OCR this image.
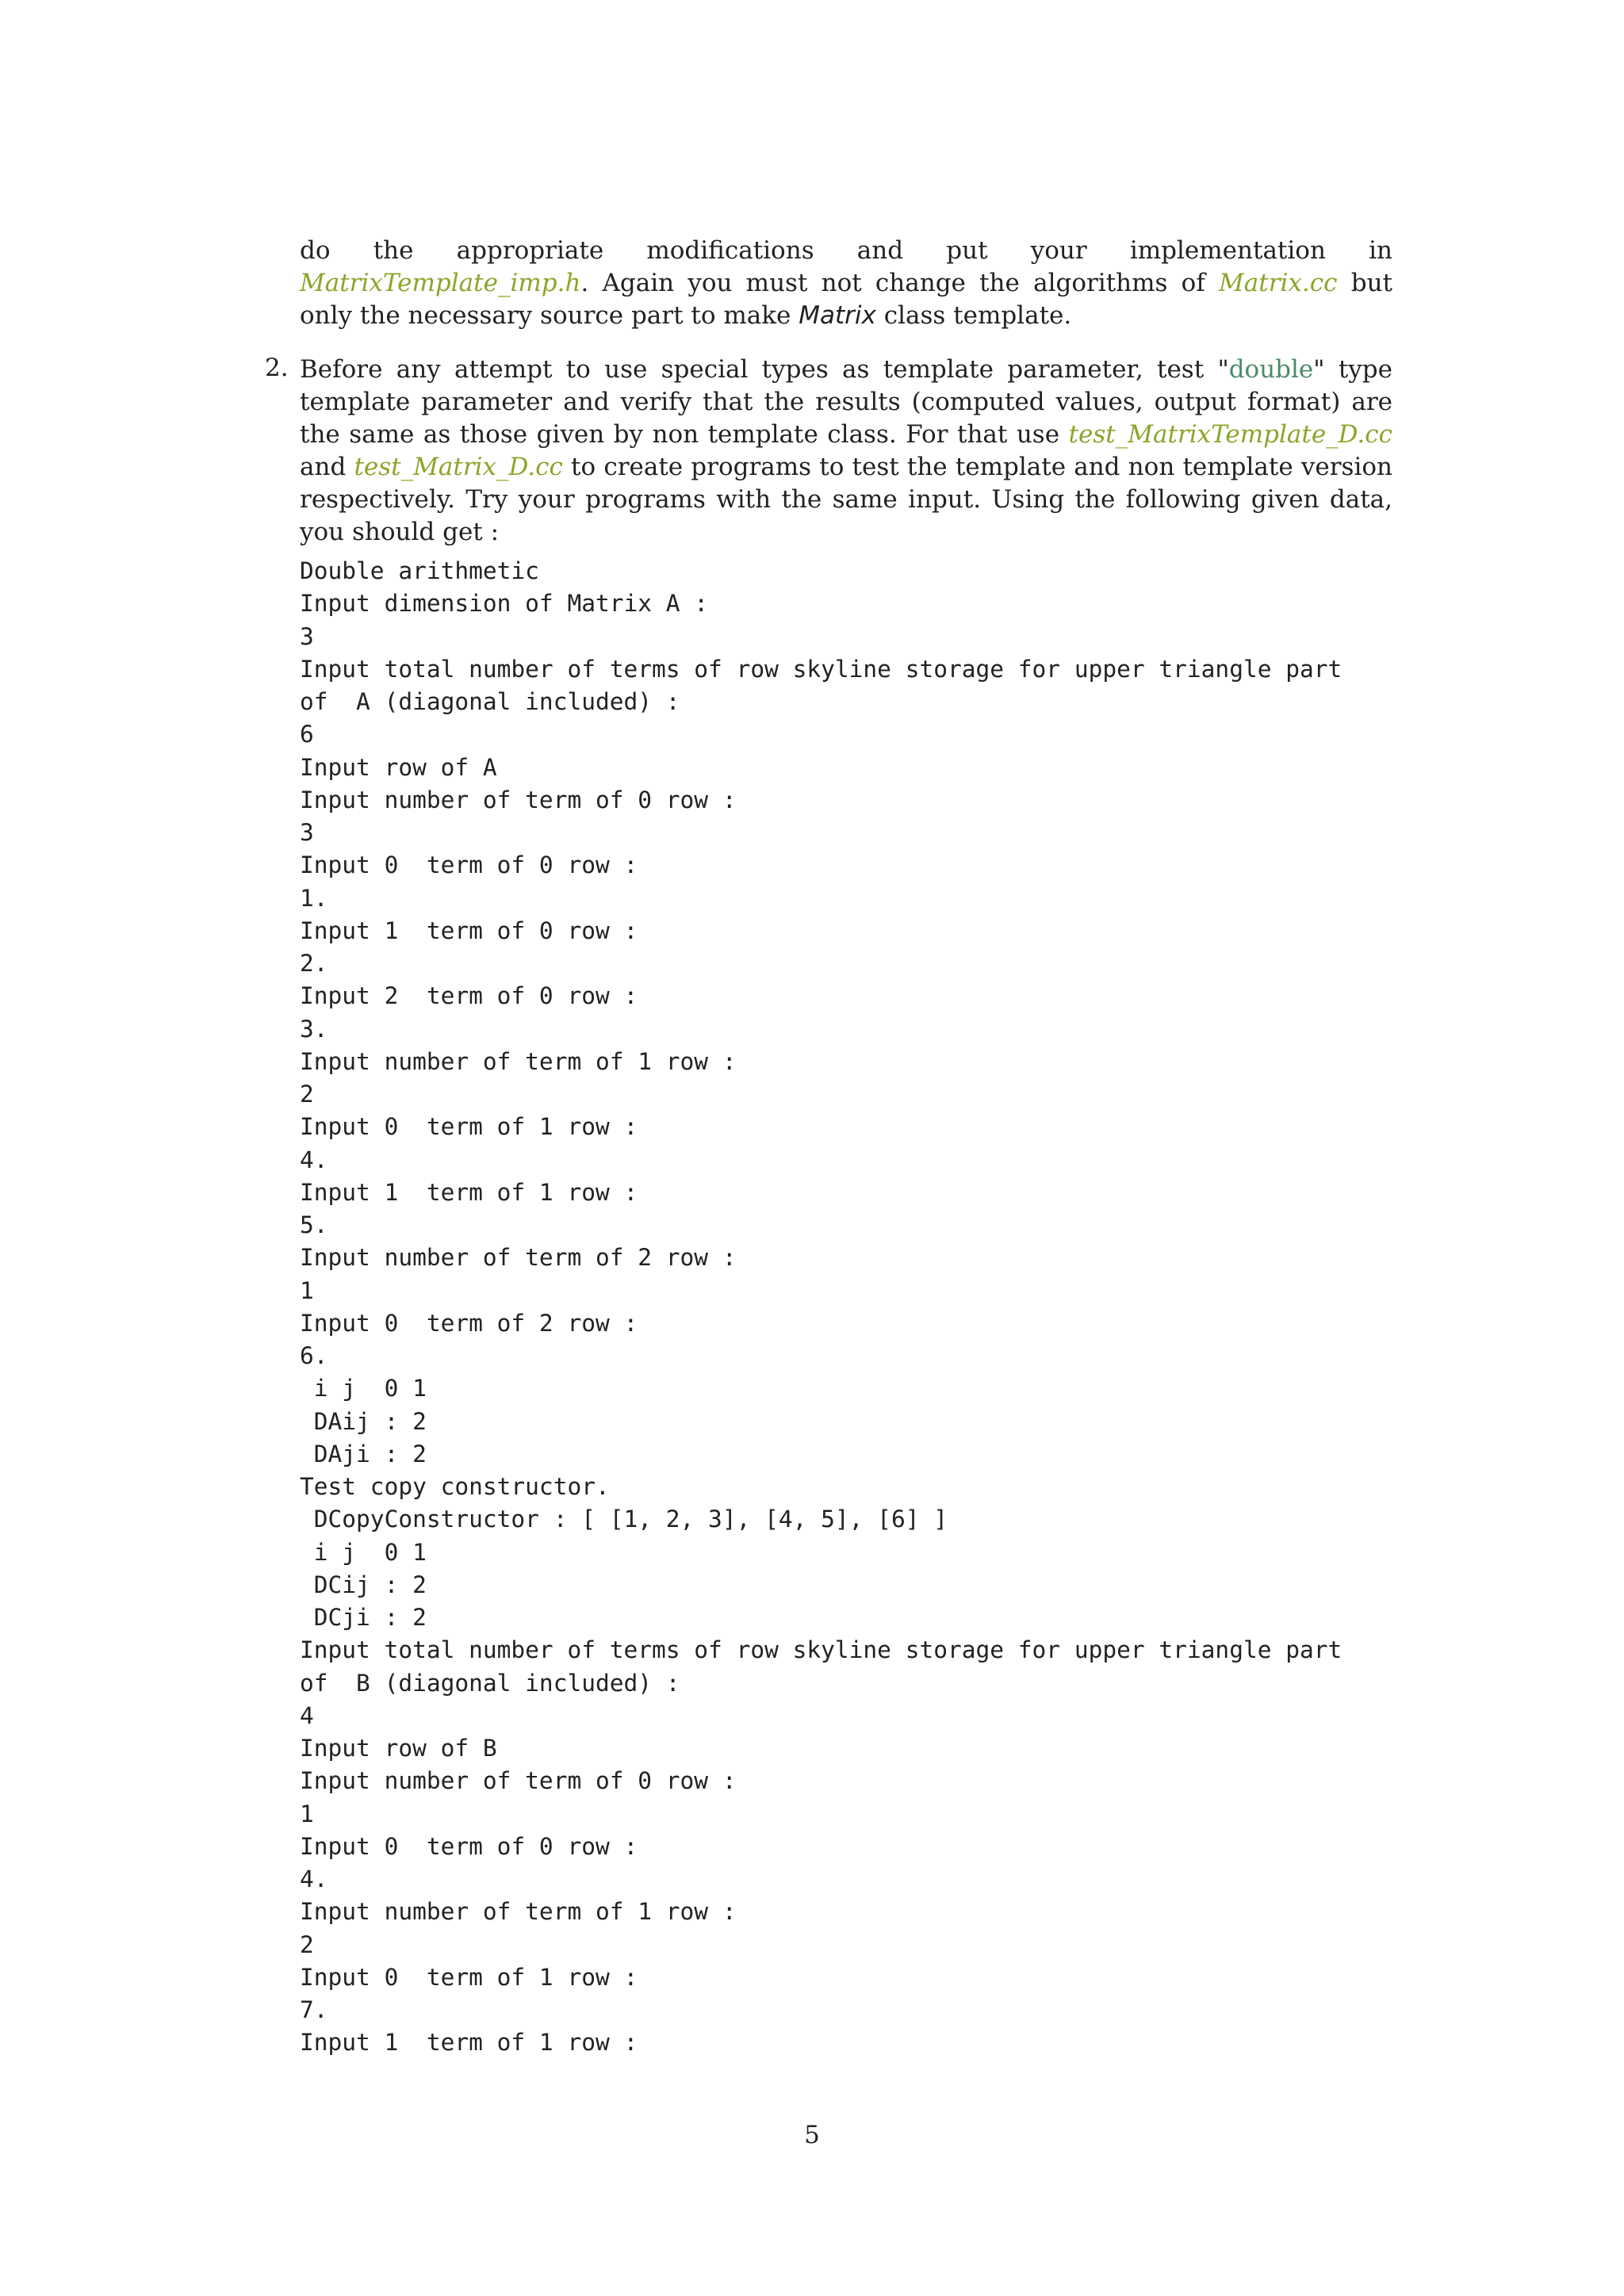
do the appropriate modifications and put your implementation in MatrixTemplate_imp.h. Again you must not change the algorithms of Matrix.cc but only the necessary source part to make Matrix class template.

2. Before any attempt to use special types as template parameter, test "double" type template parameter and verify that the results (computed values, output format) are the same as those given by non template class. For that use test_MatrixTemplate_D.cc and test_Matrix_D.cc to create programs to test the template and non template version respectively. Try your programs with the same input. Using the following given data, you should get :

Double arithmetic
Input dimension of Matrix A :
3
Input total number of terms of row skyline storage for upper triangle part
of  A (diagonal included) :
6
Input row of A
Input number of term of 0 row :
3
Input 0  term of 0 row :
1.
Input 1  term of 0 row :
2.
Input 2  term of 0 row :
3.
Input number of term of 1 row :
2
Input 0  term of 1 row :
4.
Input 1  term of 1 row :
5.
Input number of term of 2 row :
1
Input 0  term of 2 row :
6.
i j  0 1
DAij : 2
DAji : 2
Test copy constructor.
DCopyConstructor : [ [1, 2, 3], [4, 5], [6] ]
i j  0 1
DCij : 2
DCji : 2
Input total number of terms of row skyline storage for upper triangle part
of  B (diagonal included) :
4
Input row of B
Input number of term of 0 row :
1
Input 0  term of 0 row :
4.
Input number of term of 1 row :
2
Input 0  term of 1 row :
7.
Input 1  term of 1 row :
5
